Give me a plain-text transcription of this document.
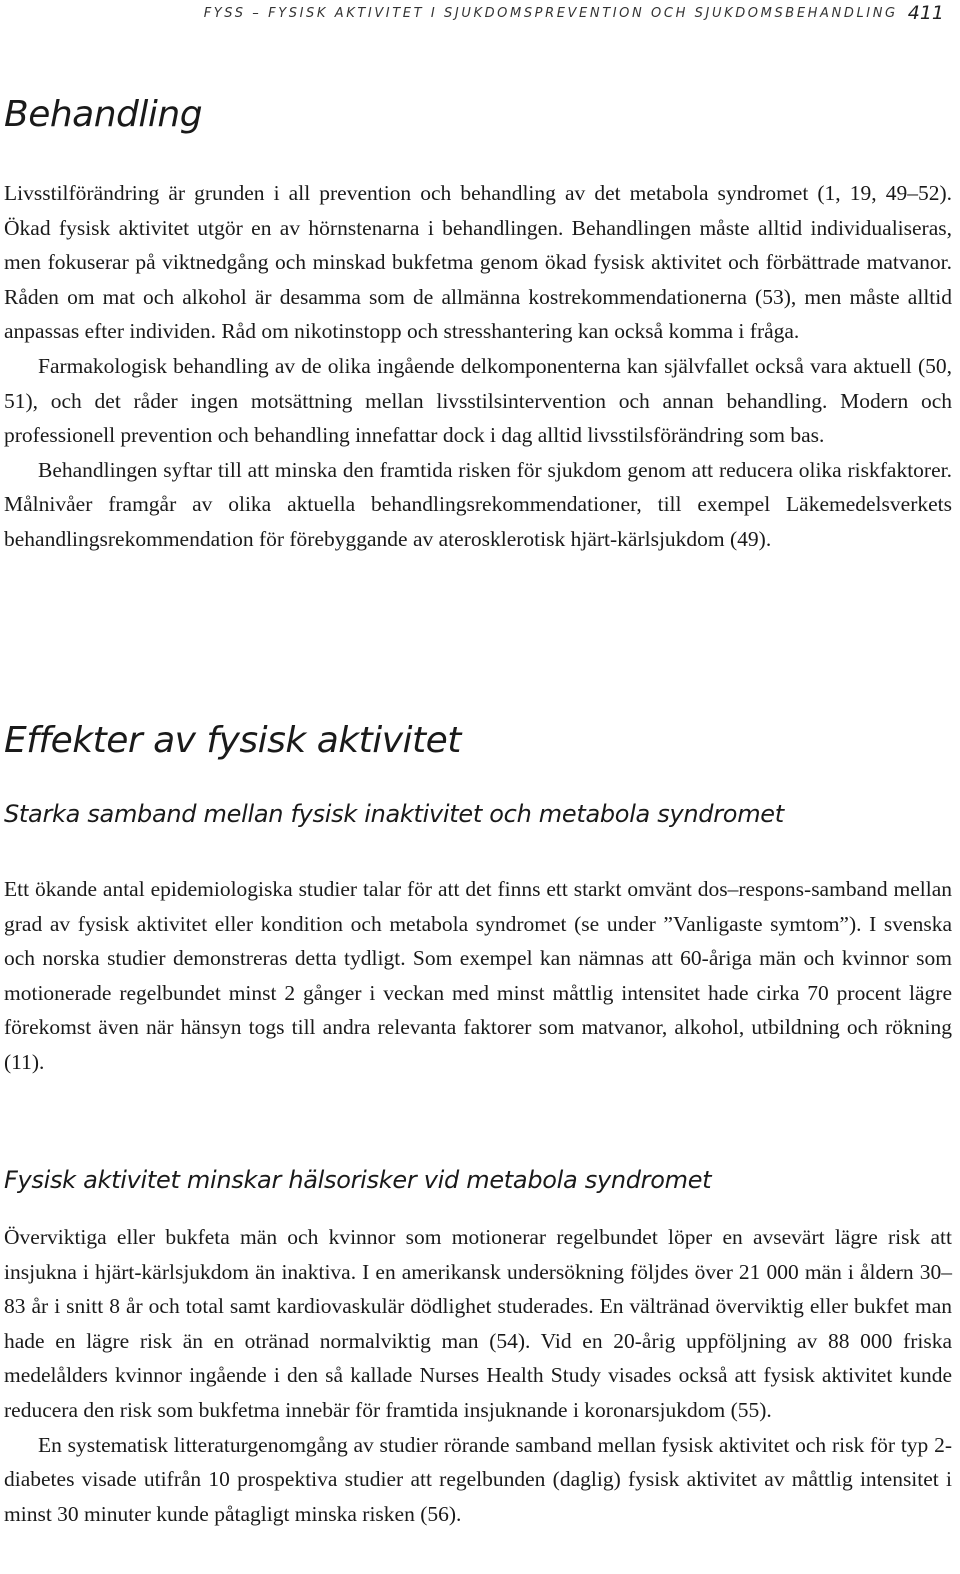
FYSS – FYSISK AKTIVITET I SJUKDOMSPREVENTION OCH SJUKDOMSBEHANDLING 411
Behandling

Livsstilförändring är grunden i all prevention och behandling av det metabola syndromet (1, 19, 49–52). Ökad fysisk aktivitet utgör en av hörnstenarna i behandlingen. Behandlingen måste alltid individualiseras, men fokuserar på viktnedgång och minskad bukfetma genom ökad fysisk aktivitet och förbättrade matvanor. Råden om mat och alkohol är desamma som de allmänna kostrekommendationerna (53), men måste alltid anpassas efter individen. Råd om nikotinstopp och stresshantering kan också komma i fråga.

Farmakologisk behandling av de olika ingående delkomponenterna kan självfallet också vara aktuell (50, 51), och det råder ingen motsättning mellan livsstilsintervention och annan behandling. Modern och professionell prevention och behandling innefattar dock i dag alltid livsstilsförändring som bas.

Behandlingen syftar till att minska den framtida risken för sjukdom genom att reducera olika riskfaktorer. Målnivåer framgår av olika aktuella behandlingsrekommendationer, till exempel Läkemedelsverkets behandlingsrekommendation för förebyggande av aterosklerotisk hjärt-kärlsjukdom (49).

Effekter av fysisk aktivitet
Starka samband mellan fysisk inaktivitet och metabola syndromet

Ett ökande antal epidemiologiska studier talar för att det finns ett starkt omvänt dos–respons-samband mellan grad av fysisk aktivitet eller kondition och metabola syndromet (se under ”Vanligaste symtom”). I svenska och norska studier demonstreras detta tydligt. Som exempel kan nämnas att 60-åriga män och kvinnor som motionerade regelbundet minst 2 gånger i veckan med minst måttlig intensitet hade cirka 70 procent lägre förekomst även när hänsyn togs till andra relevanta faktorer som matvanor, alkohol, utbildning och rökning (11).

Fysisk aktivitet minskar hälsorisker vid metabola syndromet

Överviktiga eller bukfeta män och kvinnor som motionerar regelbundet löper en avsevärt lägre risk att insjukna i hjärt-kärlsjukdom än inaktiva. I en amerikansk undersökning följdes över 21 000 män i åldern 30–83 år i snitt 8 år och total samt kardiovaskulär dödlighet studerades. En vältränad överviktig eller bukfet man hade en lägre risk än en otränad normalviktig man (54). Vid en 20-årig uppföljning av 88 000 friska medelålders kvinnor ingående i den så kallade Nurses Health Study visades också att fysisk aktivitet kunde reducera den risk som bukfetma innebär för framtida insjuknande i koronarsjukdom (55).

En systematisk litteraturgenomgång av studier rörande samband mellan fysisk aktivitet och risk för typ 2-diabetes visade utifrån 10 prospektiva studier att regelbunden (daglig) fysisk aktivitet av måttlig intensitet i minst 30 minuter kunde påtagligt minska risken (56).
